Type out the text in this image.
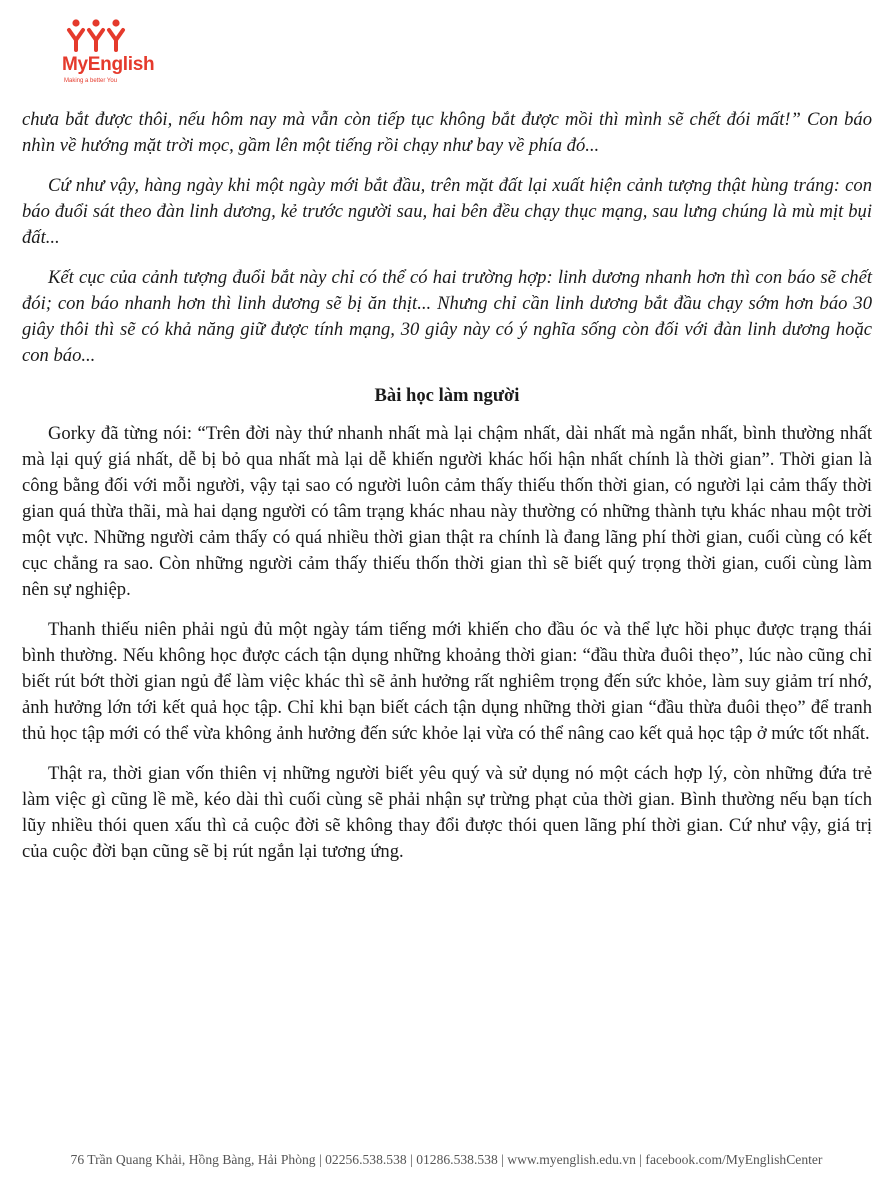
MyEnglish
Making a better You

chưa bắt được thôi, nếu hôm nay mà vẫn còn tiếp tục không bắt được mồi thì mình sẽ chết đói mất!” Con báo nhìn về hướng mặt trời mọc, gầm lên một tiếng rồi chạy như bay về phía đó...

Cứ như vậy, hàng ngày khi một ngày mới bắt đầu, trên mặt đất lại xuất hiện cảnh tượng thật hùng tráng: con báo đuổi sát theo đàn linh dương, kẻ trước người sau, hai bên đều chạy thục mạng, sau lưng chúng là mù mịt bụi đất...

Kết cục của cảnh tượng đuổi bắt này chỉ có thể có hai trường hợp: linh dương nhanh hơn thì con báo sẽ chết đói; con báo nhanh hơn thì linh dương sẽ bị ăn thịt... Nhưng chỉ cần linh dương bắt đầu chạy sớm hơn báo 30 giây thôi thì sẽ có khả năng giữ được tính mạng, 30 giây này có ý nghĩa sống còn đối với đàn linh dương hoặc con báo...

Bài học làm người

Gorky đã từng nói: “Trên đời này thứ nhanh nhất mà lại chậm nhất, dài nhất mà ngắn nhất, bình thường nhất mà lại quý giá nhất, dễ bị bỏ qua nhất mà lại dễ khiến người khác hối hận nhất chính là thời gian”. Thời gian là công bằng đối với mỗi người, vậy tại sao có người luôn cảm thấy thiếu thốn thời gian, có người lại cảm thấy thời gian quá thừa thãi, mà hai dạng người có tâm trạng khác nhau này thường có những thành tựu khác nhau một trời một vực. Những người cảm thấy có quá nhiều thời gian thật ra chính là đang lãng phí thời gian, cuối cùng có kết cục chẳng ra sao. Còn những người cảm thấy thiếu thốn thời gian thì sẽ biết quý trọng thời gian, cuối cùng làm nên sự nghiệp.

Thanh thiếu niên phải ngủ đủ một ngày tám tiếng mới khiến cho đầu óc và thể lực hồi phục được trạng thái bình thường. Nếu không học được cách tận dụng những khoảng thời gian: “đầu thừa đuôi thẹo”, lúc nào cũng chỉ biết rút bớt thời gian ngủ để làm việc khác thì sẽ ảnh hưởng rất nghiêm trọng đến sức khỏe, làm suy giảm trí nhớ, ảnh hưởng lớn tới kết quả học tập. Chỉ khi bạn biết cách tận dụng những thời gian “đầu thừa đuôi thẹo” để tranh thủ học tập mới có thể vừa không ảnh hưởng đến sức khỏe lại vừa có thể nâng cao kết quả học tập ở mức tốt nhất.

Thật ra, thời gian vốn thiên vị những người biết yêu quý và sử dụng nó một cách hợp lý, còn những đứa trẻ làm việc gì cũng lề mề, kéo dài thì cuối cùng sẽ phải nhận sự trừng phạt của thời gian. Bình thường nếu bạn tích lũy nhiều thói quen xấu thì cả cuộc đời sẽ không thay đổi được thói quen lãng phí thời gian. Cứ như vậy, giá trị của cuộc đời bạn cũng sẽ bị rút ngắn lại tương ứng.

76 Trần Quang Khải, Hồng Bàng, Hải Phòng | 02256.538.538 | 01286.538.538 | www.myenglish.edu.vn | facebook.com/MyEnglishCenter
